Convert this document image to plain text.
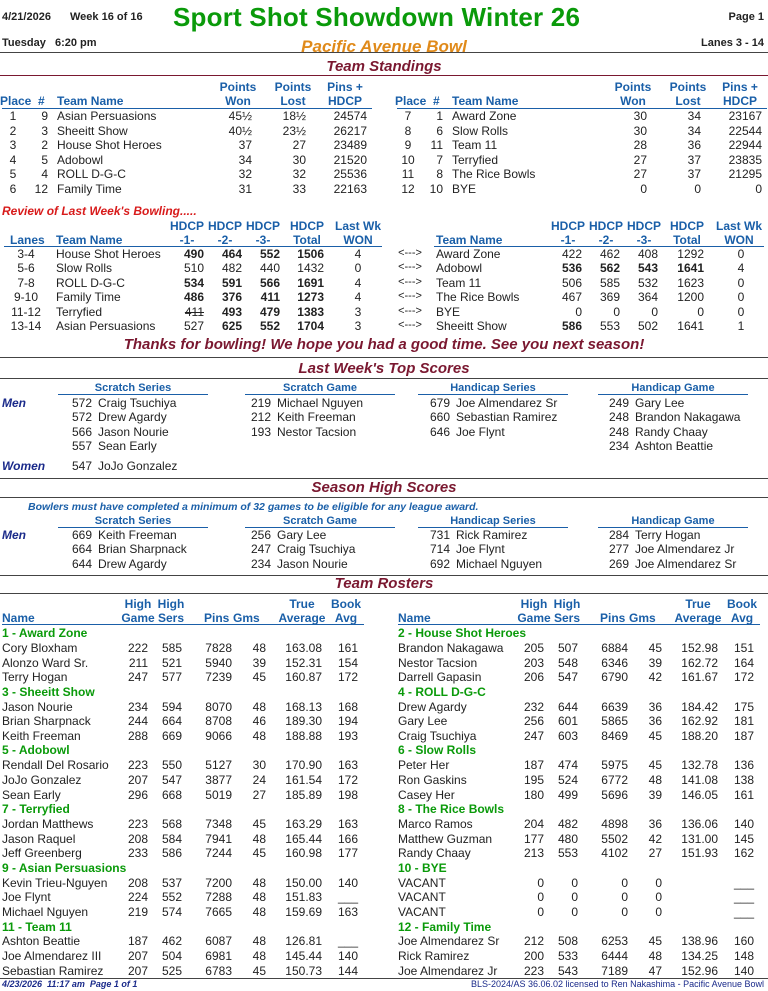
4/21/2026 Week 16 of 16 Sport Shot Showdown Winter 26	Page 1
Tuesday   6:20 pm	Pacific Avenue Bowl	Lanes 3 - 14
Team Standings
Points
Won
Points
Lost
Pins +
HDCP
Place # Team Name
1	9 Asian Persuasions	45½	18½	24574
2	3 Sheeitt Show	40½	23½	26217
3	2 House Shot Heroes	37	27	23489
4	5 Adobowl	34	30	21520
5	4 ROLL D-G-C	32	32	25536
6	12 Family Time	31	33	22163
Points
Won
Points
Lost
Pins +
HDCP
Place # Team Name
7	1 Award Zone	30	34	23167
8	6 Slow Rolls	30	34	22544
9	11 Team 11	28	36	22944
10	7 Terryfied	27	37	23835
11	8 The Rice Bowls	27	37	21295
12	10 BYE	0	0	0
Review of Last Week's Bowling.....
Lanes Team Name
HDCP
-1-
HDCP
-2-
HDCP
-3-
HDCP
Total
Last Wk
WON	Team Name
HDCP
-1-
HDCP
-2-
HDCP
-3-
HDCP
Total
Last Wk
WON
3-4	House Shot Heroes	490	464	552	1506	4	<--->	Award Zone	422	462	408	1292	0
5-6	Slow Rolls	510	482	440	1432	0	<--->	Adobowl	536	562	543	1641	4
7-8	ROLL D-G-C	534	591	566	1691	4	<--->	Team 11	506	585	532	1623	0
9-10	Family Time	486	376	411	1273	4	<--->	The Rice Bowls	467	369	364	1200	0
11-12	Terryfied	411	493	479	1383	3	<--->	BYE	0	0	0	0	0
13-14	Asian Persuasions	527	625	552	1704	3	<--->	Sheeitt Show	586	553	502	1641	1
Thanks for bowling! We hope you had a good time. See you next season!
Last Week's Top Scores
Scratch Series	Scratch Game	Handicap Series	Handicap Game
Men	572 Craig Tsuchiya
572 Drew Agardy
566 Jason Nourie
557 Sean Early
219 Michael Nguyen
212 Keith Freeman
193 Nestor Tacsion
679 Joe Almendarez Sr
660 Sebastian Ramirez
646 Joe Flynt
249 Gary Lee
248 Brandon Nakagawa
248 Randy Chaay
234 Ashton Beattie
Women 547 JoJo Gonzalez
Season High Scores
Bowlers must have completed a minimum of 32 games to be eligible for any league award.
Scratch Series	Scratch Game	Handicap Series	Handicap Game
Men	669 Keith Freeman
664 Brian Sharpnack
644 Drew Agardy
256 Gary Lee
247 Craig Tsuchiya
234 Jason Nourie
731 Rick Ramirez
714 Joe Flynt
692 Michael Nguyen
284 Terry Hogan
277 Joe Almendarez Jr
269 Joe Almendarez Sr
Team Rosters
Name
High
Game
High
Sers Pins Gms
True
Average
Book
Avg
1 - Award Zone
Cory Bloxham	222	585	7828	48	163.08	161
Alonzo Ward Sr.	211	521	5940	39	152.31	154
Terry Hogan	247	577	7239	45	160.87	172
3 - Sheeitt Show
Jason Nourie	234	594	8070	48	168.13	168
Brian Sharpnack	244	664	8708	46	189.30	194
Keith Freeman	288	669	9066	48	188.88	193
5 - Adobowl
Rendall Del Rosario	223	550	5127	30	170.90	163
JoJo Gonzalez	207	547	3877	24	161.54	172
Sean Early	296	668	5019	27	185.89	198
7 - Terryfied
Jordan Matthews	223	568	7348	45	163.29	163
Jason Raquel	208	584	7941	48	165.44	166
Jeff Greenberg	233	586	7244	45	160.98	177
9 - Asian Persuasions
Kevin Trieu-Nguyen	208	537	7200	48	150.00	140
Joe Flynt	224	552	7288	48	151.83	___
Michael Nguyen	219	574	7665	48	159.69	163
11 - Team 11
Ashton Beattie	187	462	6087	48	126.81	___
Joe Almendarez III	207	504	6981	48	145.44	140
Sebastian Ramirez	207	525	6783	45	150.73	144
Name
High
Game
High
Sers Pins Gms
True
Average
Book
Avg
2 - House Shot Heroes
Brandon Nakagawa	205	507	6884	45	152.98	151
Nestor Tacsion	203	548	6346	39	162.72	164
Darrell Gapasin	206	547	6790	42	161.67	172
4 - ROLL D-G-C
Drew Agardy	232	644	6639	36	184.42	175
Gary Lee	256	601	5865	36	162.92	181
Craig Tsuchiya	247	603	8469	45	188.20	187
6 - Slow Rolls
Peter Her	187	474	5975	45	132.78	136
Ron Gaskins	195	524	6772	48	141.08	138
Casey Her	180	499	5696	39	146.05	161
8 - The Rice Bowls
Marco Ramos	204	482	4898	36	136.06	140
Matthew Guzman	177	480	5502	42	131.00	145
Randy Chaay	213	553	4102	27	151.93	162
10 - BYE
VACANT	0	0	0	0	___
VACANT	0	0	0	0	___
VACANT	0	0	0	0	___
12 - Family Time
Joe Almendarez Sr	212	508	6253	45	138.96	160
Rick Ramirez	200	533	6444	48	134.25	148
Joe Almendarez Jr	223	543	7189	47	152.96	140
4/23/2026  11:17 am  Page 1 of 1	BLS-2024/AS 36.06.02 licensed to Ren Nakashima - Pacific Avenue Bowl
